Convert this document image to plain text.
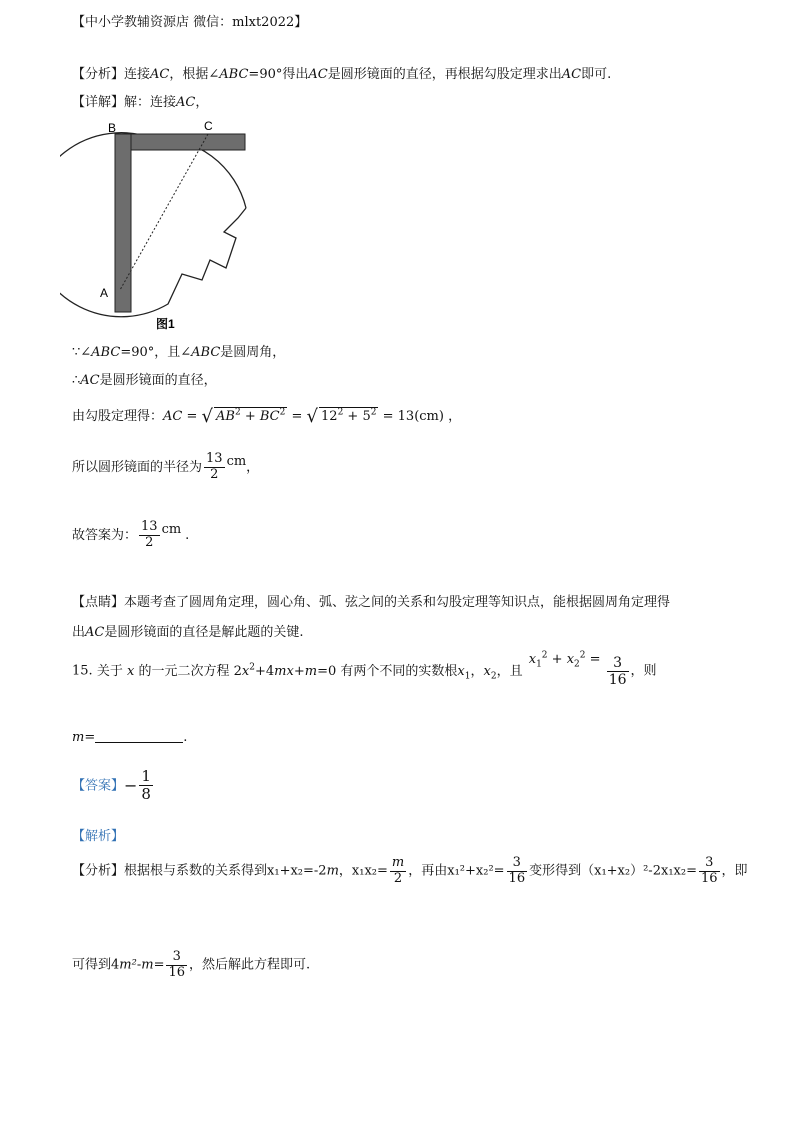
【中小学教辅资源店 微信：mlxt2022】
【分析】连接AC，根据∠ABC=90°得出AC是圆形镜面的直径，再根据勾股定理求出AC即可.
【详解】解：连接AC，
B	C
A
图1
∵∠ABC=90°，且∠ABC是圆周角，
∴AC是圆形镜面的直径，
由勾股定理得：AC = √ $AB^2 + BC^2$ = √ $12^2 + 5^2 = 13(cm)$ ，
所以圆形镜面的半径为 $\frac{13}{2}$ cm，
故答案为： $\frac{13}{2}$ cm .
【点睛】本题考查了圆周角定理，圆心角、弧、弦之间的关系和勾股定理等知识点，能根据圆周角定理得
出AC是圆形镜面的直径是解此题的关键.
15. 关于 x 的一元二次方程 $2x^2+4mx+m=0$ 有两个不同的实数根$x_1$，$x_2$，且 $x_1^2 + x_2^2 = \frac{3}{16}$ ，则
m=	.
【答案】− $\frac{1}{8}$
【解析】
【分析】根据根与系数的关系得到x₁+x₂=-2m，$x_1x_2= \frac{m}{2}$ ，再由$x_1^2+x_2^2= \frac{3}{16}$ 变形得到$(x_1+x_2)^2-2x_1x_2= \frac{3}{16}$ ，即
可得到$4m^2-m= \frac{3}{16}$ ，然后解此方程即可.
